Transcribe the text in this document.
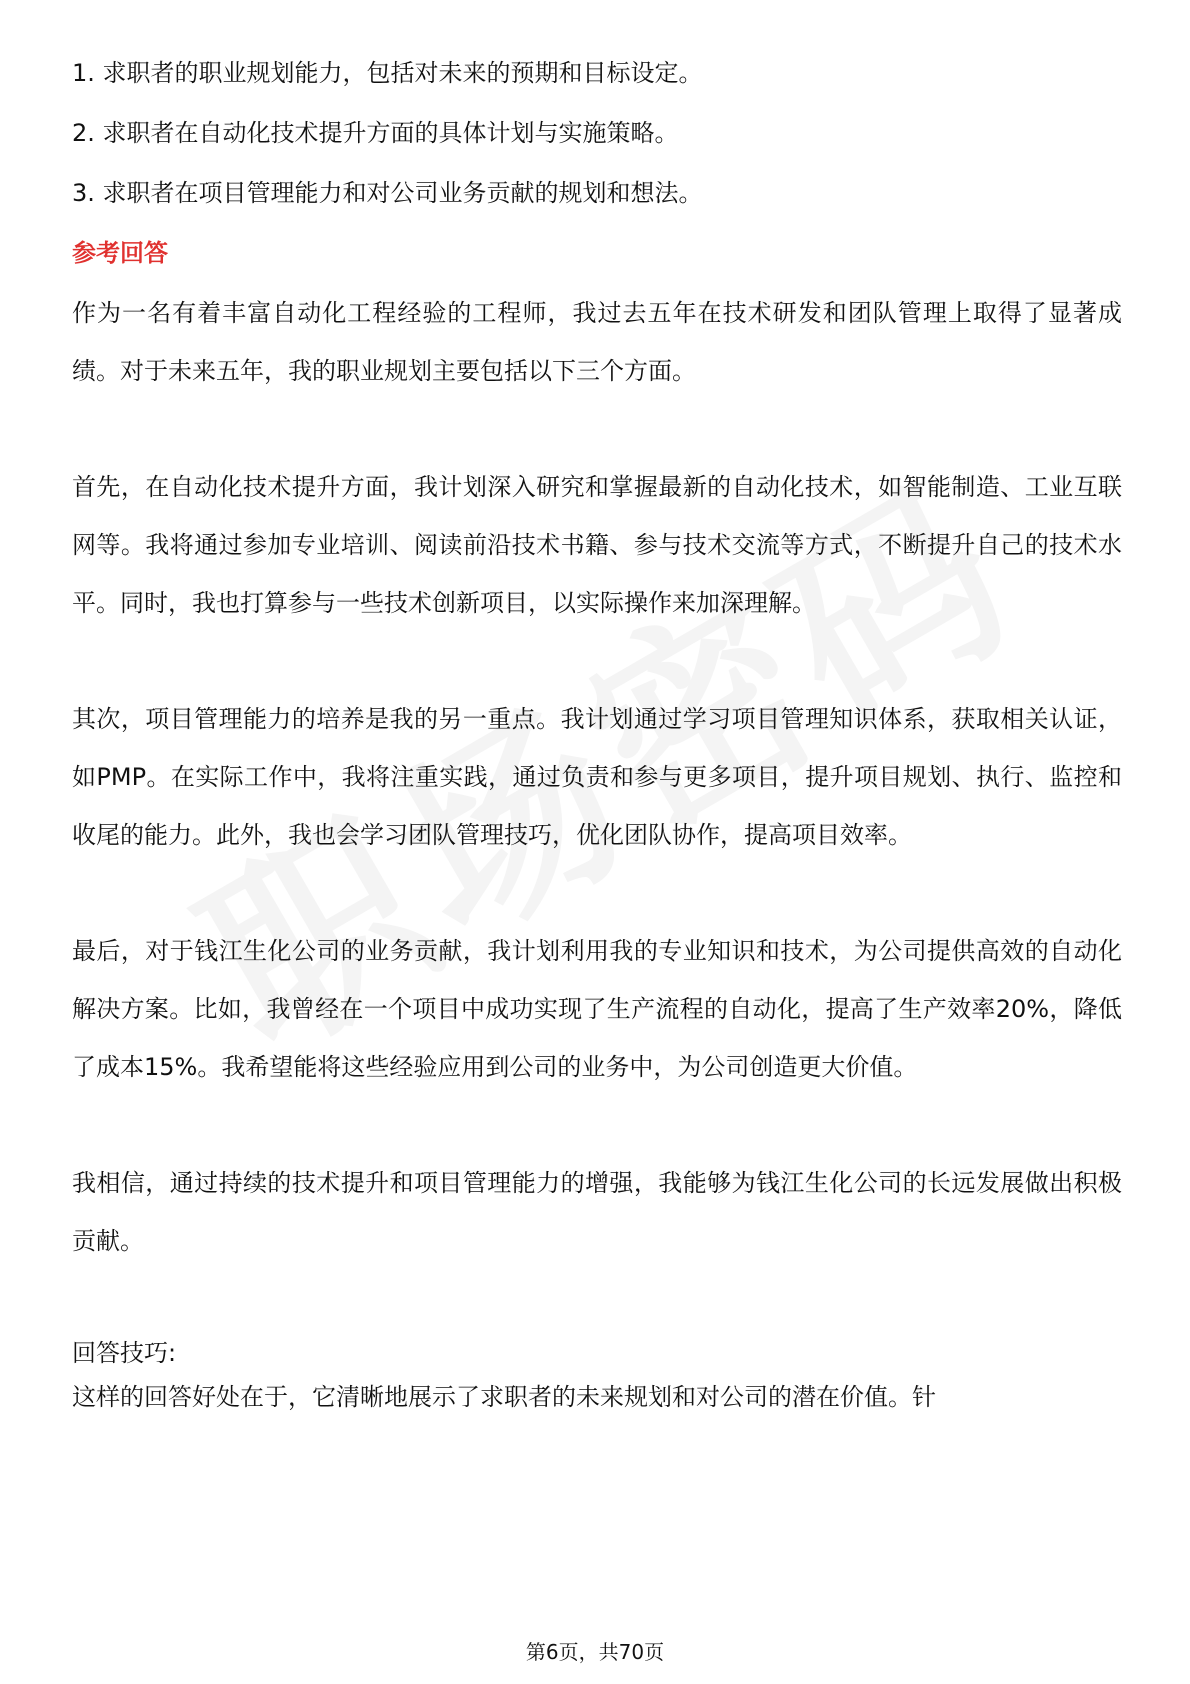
1. 求职者的职业规划能力，包括对未来的预期和目标设定。

2. 求职者在自动化技术提升方面的具体计划与实施策略。

3. 求职者在项目管理能力和对公司业务贡献的规划和想法。

参考回答

作为一名有着丰富自动化工程经验的工程师，我过去五年在技术研发和团队管理上取得了显著成绩。对于未来五年，我的职业规划主要包括以下三个方面。

首先，在自动化技术提升方面，我计划深入研究和掌握最新的自动化技术，如智能制造、工业互联网等。我将通过参加专业培训、阅读前沿技术书籍、参与技术交流等方式，不断提升自己的技术水平。同时，我也打算参与一些技术创新项目，以实际操作来加深理解。

其次，项目管理能力的培养是我的另一重点。我计划通过学习项目管理知识体系，获取相关认证，如PMP。在实际工作中，我将注重实践，通过负责和参与更多项目，提升项目规划、执行、监控和收尾的能力。此外，我也会学习团队管理技巧，优化团队协作，提高项目效率。

最后，对于钱江生化公司的业务贡献，我计划利用我的专业知识和技术，为公司提供高效的自动化解决方案。比如，我曾经在一个项目中成功实现了生产流程的自动化，提高了生产效率20%，降低了成本15%。我希望能将这些经验应用到公司的业务中，为公司创造更大价值。

我相信，通过持续的技术提升和项目管理能力的增强，我能够为钱江生化公司的长远发展做出积极贡献。

回答技巧:

这样的回答好处在于，它清晰地展示了求职者的未来规划和对公司的潜在价值。针

第6页，共70页
